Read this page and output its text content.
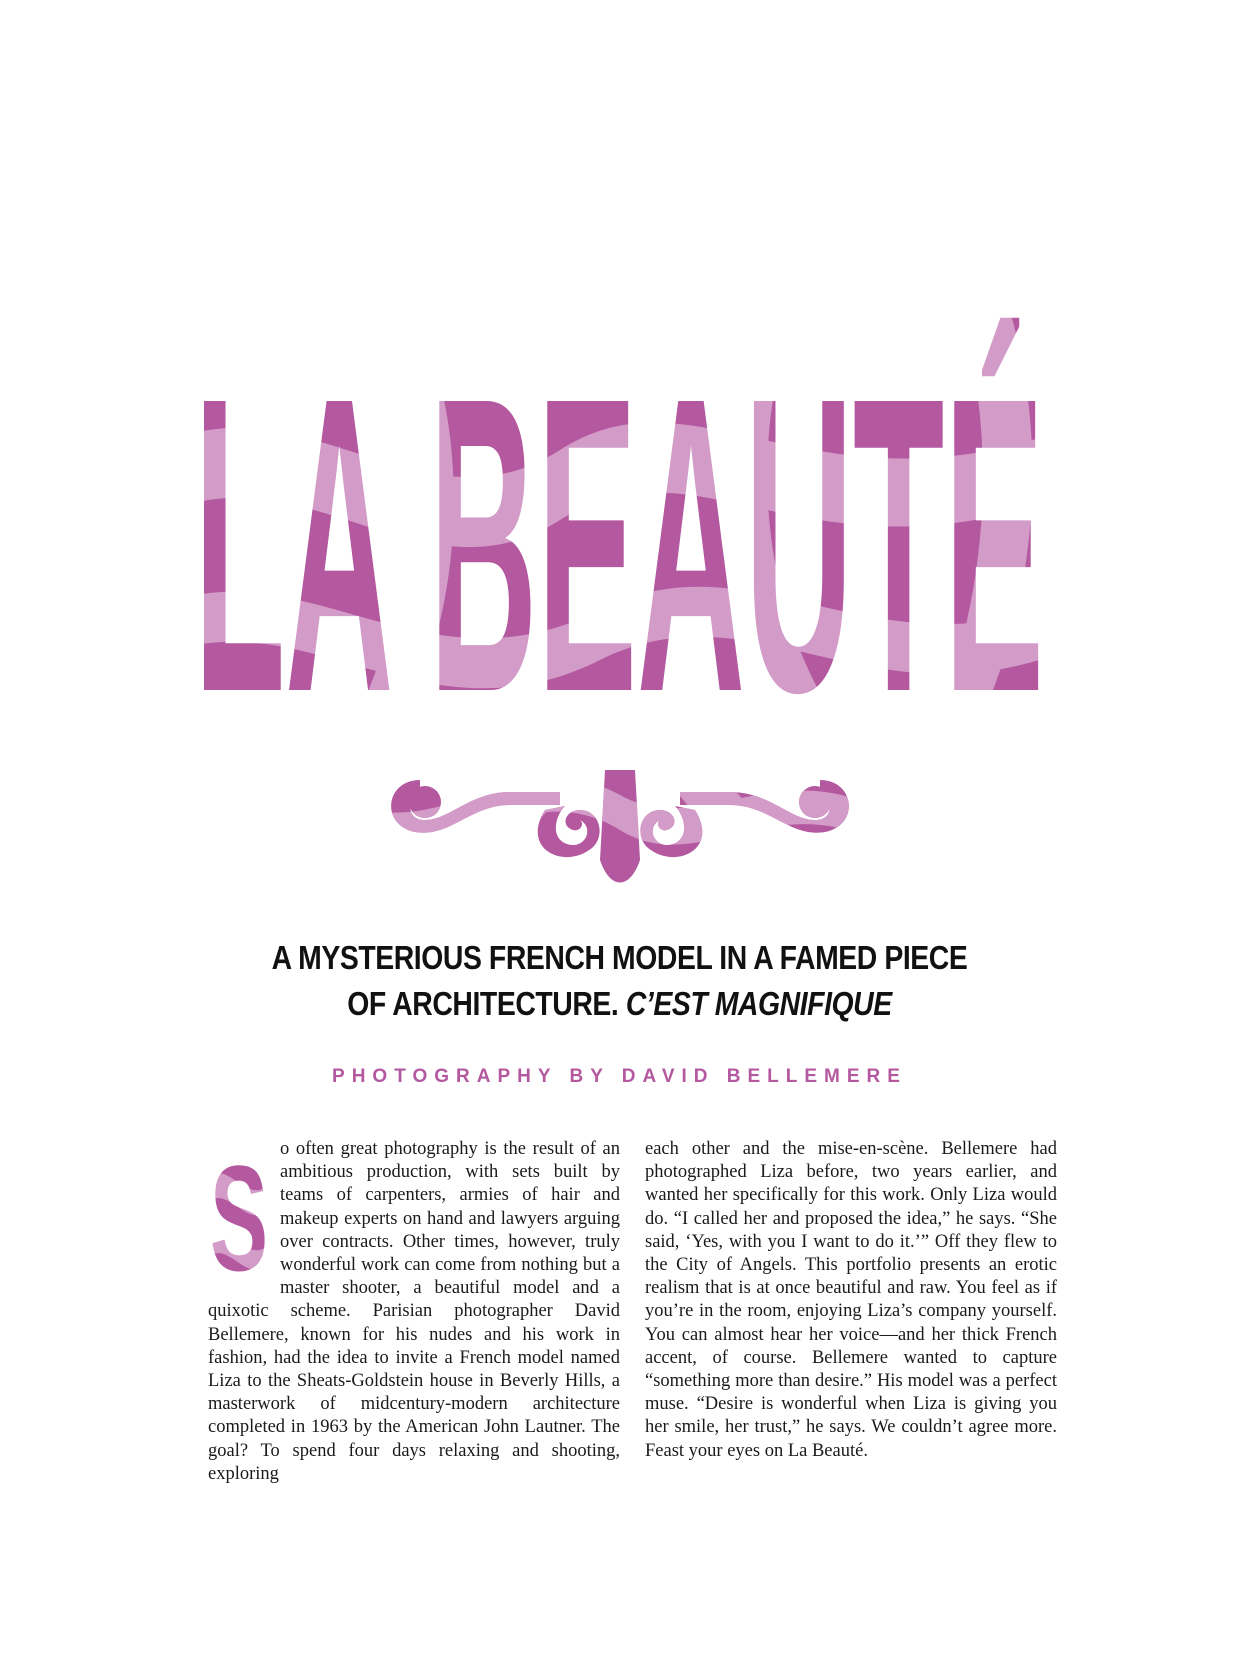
A MYSTERIOUS FRENCH MODEL IN A FAMED PIECE
OF ARCHITECTURE. C’EST MAGNIFIQUE
PHOTOGRAPHY BY DAVID BELLEMERE

o often great photography is the result of an ambitious production, with sets built by teams of carpenters, armies of hair and makeup experts on hand and lawyers arguing over contracts. Other times, however, truly wonderful work can come from nothing but a master shooter, a beautiful model and a quixotic scheme. Parisian photographer David Bellemere, known for his nudes and his work in fashion, had the idea to invite a French model named Liza to the Sheats-Goldstein house in Beverly Hills, a masterwork of midcentury-modern architecture completed in 1963 by the American John Lautner. The goal? To spend four days relaxing and shooting, exploring

each other and the mise-en-scène. Bellemere had photographed Liza before, two years earlier, and wanted her specifically for this work. Only Liza would do. “I called her and proposed the idea,” he says. “She said, ‘Yes, with you I want to do it.’” Off they flew to the City of Angels. This portfolio presents an erotic realism that is at once beautiful and raw. You feel as if you’re in the room, enjoying Liza’s company yourself. You can almost hear her voice—and her thick French accent, of course. Bellemere wanted to capture “something more than desire.” His model was a perfect muse. “Desire is wonderful when Liza is giving you her smile, her trust,” he says. We couldn’t agree more. Feast your eyes on La Beauté.
